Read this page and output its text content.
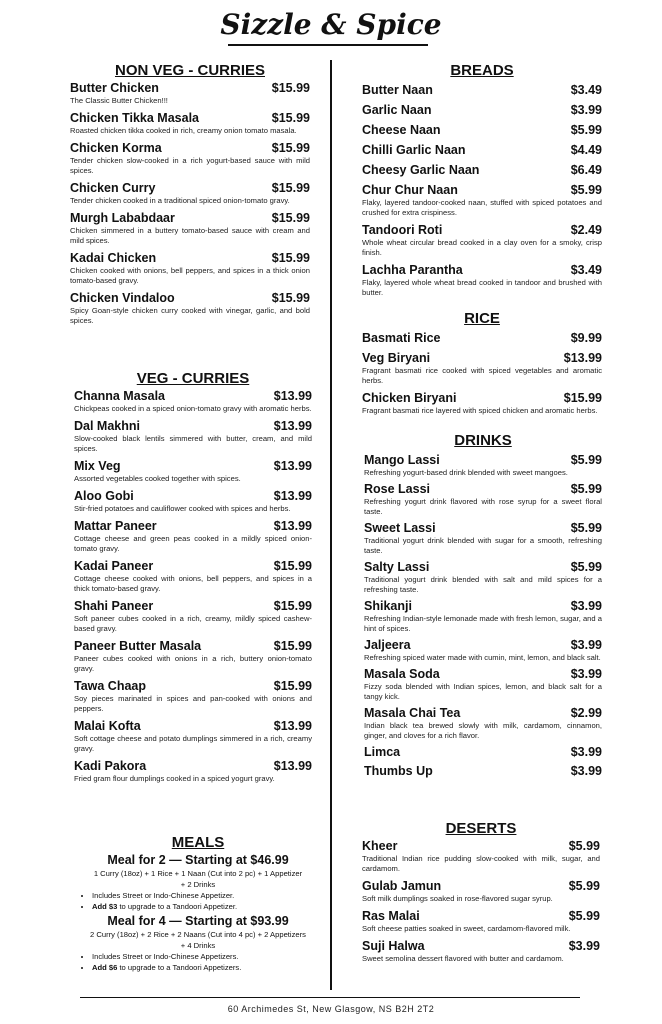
Sizzle & Spice
NON VEG - CURRIES
Butter Chicken	$15.99
The Classic Butter Chicken!!!
Chicken Tikka Masala	$15.99
Roasted chicken tikka cooked in rich, creamy onion tomato masala.
Chicken Korma	$15.99
Tender chicken slow-cooked in a rich yogurt-based sauce with mild spices.
Chicken Curry	$15.99
Tender chicken cooked in a traditional spiced onion-tomato gravy.
Murgh Lababdaar	$15.99
Chicken simmered in a buttery tomato-based sauce with cream and mild spices.
Kadai Chicken	$15.99
Chicken cooked with onions, bell peppers, and spices in a thick onion tomato-based gravy.
Chicken Vindaloo	$15.99
Spicy Goan-style chicken curry cooked with vinegar, garlic, and bold spices.
VEG - CURRIES
Channa Masala	$13.99
Chickpeas cooked in a spiced onion-tomato gravy with aromatic herbs.
Dal Makhni	$13.99
Slow-cooked black lentils simmered with butter, cream, and mild spices.
Mix Veg	$13.99
Assorted vegetables cooked together with spices.
Aloo Gobi	$13.99
Stir-fried potatoes and cauliflower cooked with spices and herbs.
Mattar Paneer	$13.99
Cottage cheese and green peas cooked in a mildly spiced onion-tomato gravy.
Kadai Paneer	$15.99
Cottage cheese cooked with onions, bell peppers, and spices in a thick tomato-based gravy.
Shahi Paneer	$15.99
Soft paneer cubes cooked in a rich, creamy, mildly spiced cashew-based gravy.
Paneer Butter Masala	$15.99
Paneer cubes cooked with onions in a rich, buttery onion-tomato gravy.
Tawa Chaap	$15.99
Soy pieces marinated in spices and pan-cooked with onions and peppers.
Malai Kofta	$13.99
Soft cottage cheese and potato dumplings simmered in a rich, creamy gravy.
Kadi Pakora	$13.99
Fried gram flour dumplings cooked in a spiced yogurt gravy.
MEALS
Meal for 2 — Starting at $46.99
1 Curry (18oz) + 1 Rice + 1 Naan (Cut into 2 pc) + 1 Appetizer
+ 2 Drinks
• Includes Street or Indo-Chinese Appetizer.
• Add $3 to upgrade to a Tandoori Appetizer.
Meal for 4 — Starting at $93.99
2 Curry (18oz) + 2 Rice + 2 Naans (Cut into 4 pc) + 2 Appetizers
+ 4 Drinks
• Includes Street or Indo-Chinese Appetizers.
• Add $6 to upgrade to a Tandoori Appetizers.
BREADS
Butter Naan	$3.49
Garlic Naan	$3.99
Cheese Naan	$5.99
Chilli Garlic Naan	$4.49
Cheesy Garlic Naan	$6.49
Chur Chur Naan	$5.99
Flaky, layered tandoor-cooked naan, stuffed with spiced potatoes and crushed for extra crispiness.
Tandoori Roti	$2.49
Whole wheat circular bread cooked in a clay oven for a smoky, crisp finish.
Lachha Parantha	$3.49
Flaky, layered whole wheat bread cooked in tandoor and brushed with butter.
RICE
Basmati Rice	$9.99
Veg Biryani	$13.99
Fragrant basmati rice cooked with spiced vegetables and aromatic herbs.
Chicken Biryani	$15.99
Fragrant basmati rice layered with spiced chicken and aromatic herbs.
DRINKS
Mango Lassi	$5.99
Refreshing yogurt-based drink blended with sweet mangoes.
Rose Lassi	$5.99
Refreshing yogurt drink flavored with rose syrup for a sweet floral taste.
Sweet Lassi	$5.99
Traditional yogurt drink blended with sugar for a smooth, refreshing taste.
Salty Lassi	$5.99
Traditional yogurt drink blended with salt and mild spices for a refreshing taste.
Shikanji	$3.99
Refreshing Indian-style lemonade made with fresh lemon, sugar, and a hint of spices.
Jaljeera	$3.99
Refreshing spiced water made with cumin, mint, lemon, and black salt.
Masala Soda	$3.99
Fizzy soda blended with Indian spices, lemon, and black salt for a tangy kick.
Masala Chai Tea	$2.99
Indian black tea brewed slowly with milk, cardamom, cinnamon, ginger, and cloves for a rich flavor.
Limca	$3.99
Thumbs Up	$3.99
DESERTS
Kheer	$5.99
Traditional Indian rice pudding slow-cooked with milk, sugar, and cardamom.
Gulab Jamun	$5.99
Soft milk dumplings soaked in rose-flavored sugar syrup.
Ras Malai	$5.99
Soft cheese patties soaked in sweet, cardamom-flavored milk.
Suji Halwa	$3.99
Sweet semolina dessert flavored with butter and cardamom.
60 Archimedes St, New Glasgow, NS B2H 2T2
